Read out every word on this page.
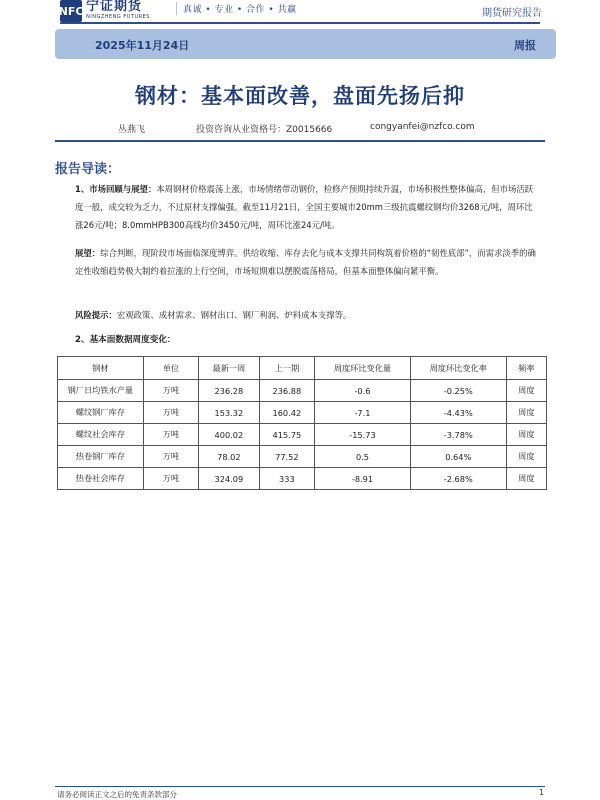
NFC 宁证期货
NINGZHENG FUTURES
真诚 • 专业 • 合作 • 共赢	期货研究报告
2025年11月24日	周报
钢材：基本面改善，盘面先扬后抑
丛燕飞	投资咨询从业资格号：Z0015666	congyanfei@nzfco.com
报告导读：
1、市场回顾与展望：本周钢材价格震荡上涨，市场情绪带动钢价，检修产预期持续升温，市场积极性整体偏高，但市场活跃度一般，成交较为乏力，不过原材支撑偏强。截至11月21日，全国主要城市20mm三级抗震螺纹钢均价3268元/吨，周环比涨26元/吨；8.0mmHPB300高线均价3450元/吨，周环比涨24元/吨。
展望：综合判断，现阶段市场面临深度博弈。供给收缩、库存去化与成本支撑共同构筑着价格的“韧性底部”，而需求淡季的确定性收缩趋势极大制约着拉涨的上行空间，市场短期难以摆脱震荡格局，但基本面整体偏向紧平衡。
风险提示：宏观政策、成材需求、钢材出口、钢厂利润、炉料成本支撑等。
2、基本面数据周度变化：
钢材	单位	最新一周	上一期	周度环比变化量	周度环比变化率	频率
钢厂日均铁水产量	万吨	236.28	236.88	-0.6	-0.25%	周度
螺纹钢厂库存	万吨	153.32	160.42	-7.1	-4.43%	周度
螺纹社会库存	万吨	400.02	415.75	-15.73	-3.78%	周度
热卷钢厂库存	万吨	78.02	77.52	0.5	0.64%	周度
热卷社会库存	万吨	324.09	333	-8.91	-2.68%	周度
请务必阅读正文之后的免责条款部分	1
